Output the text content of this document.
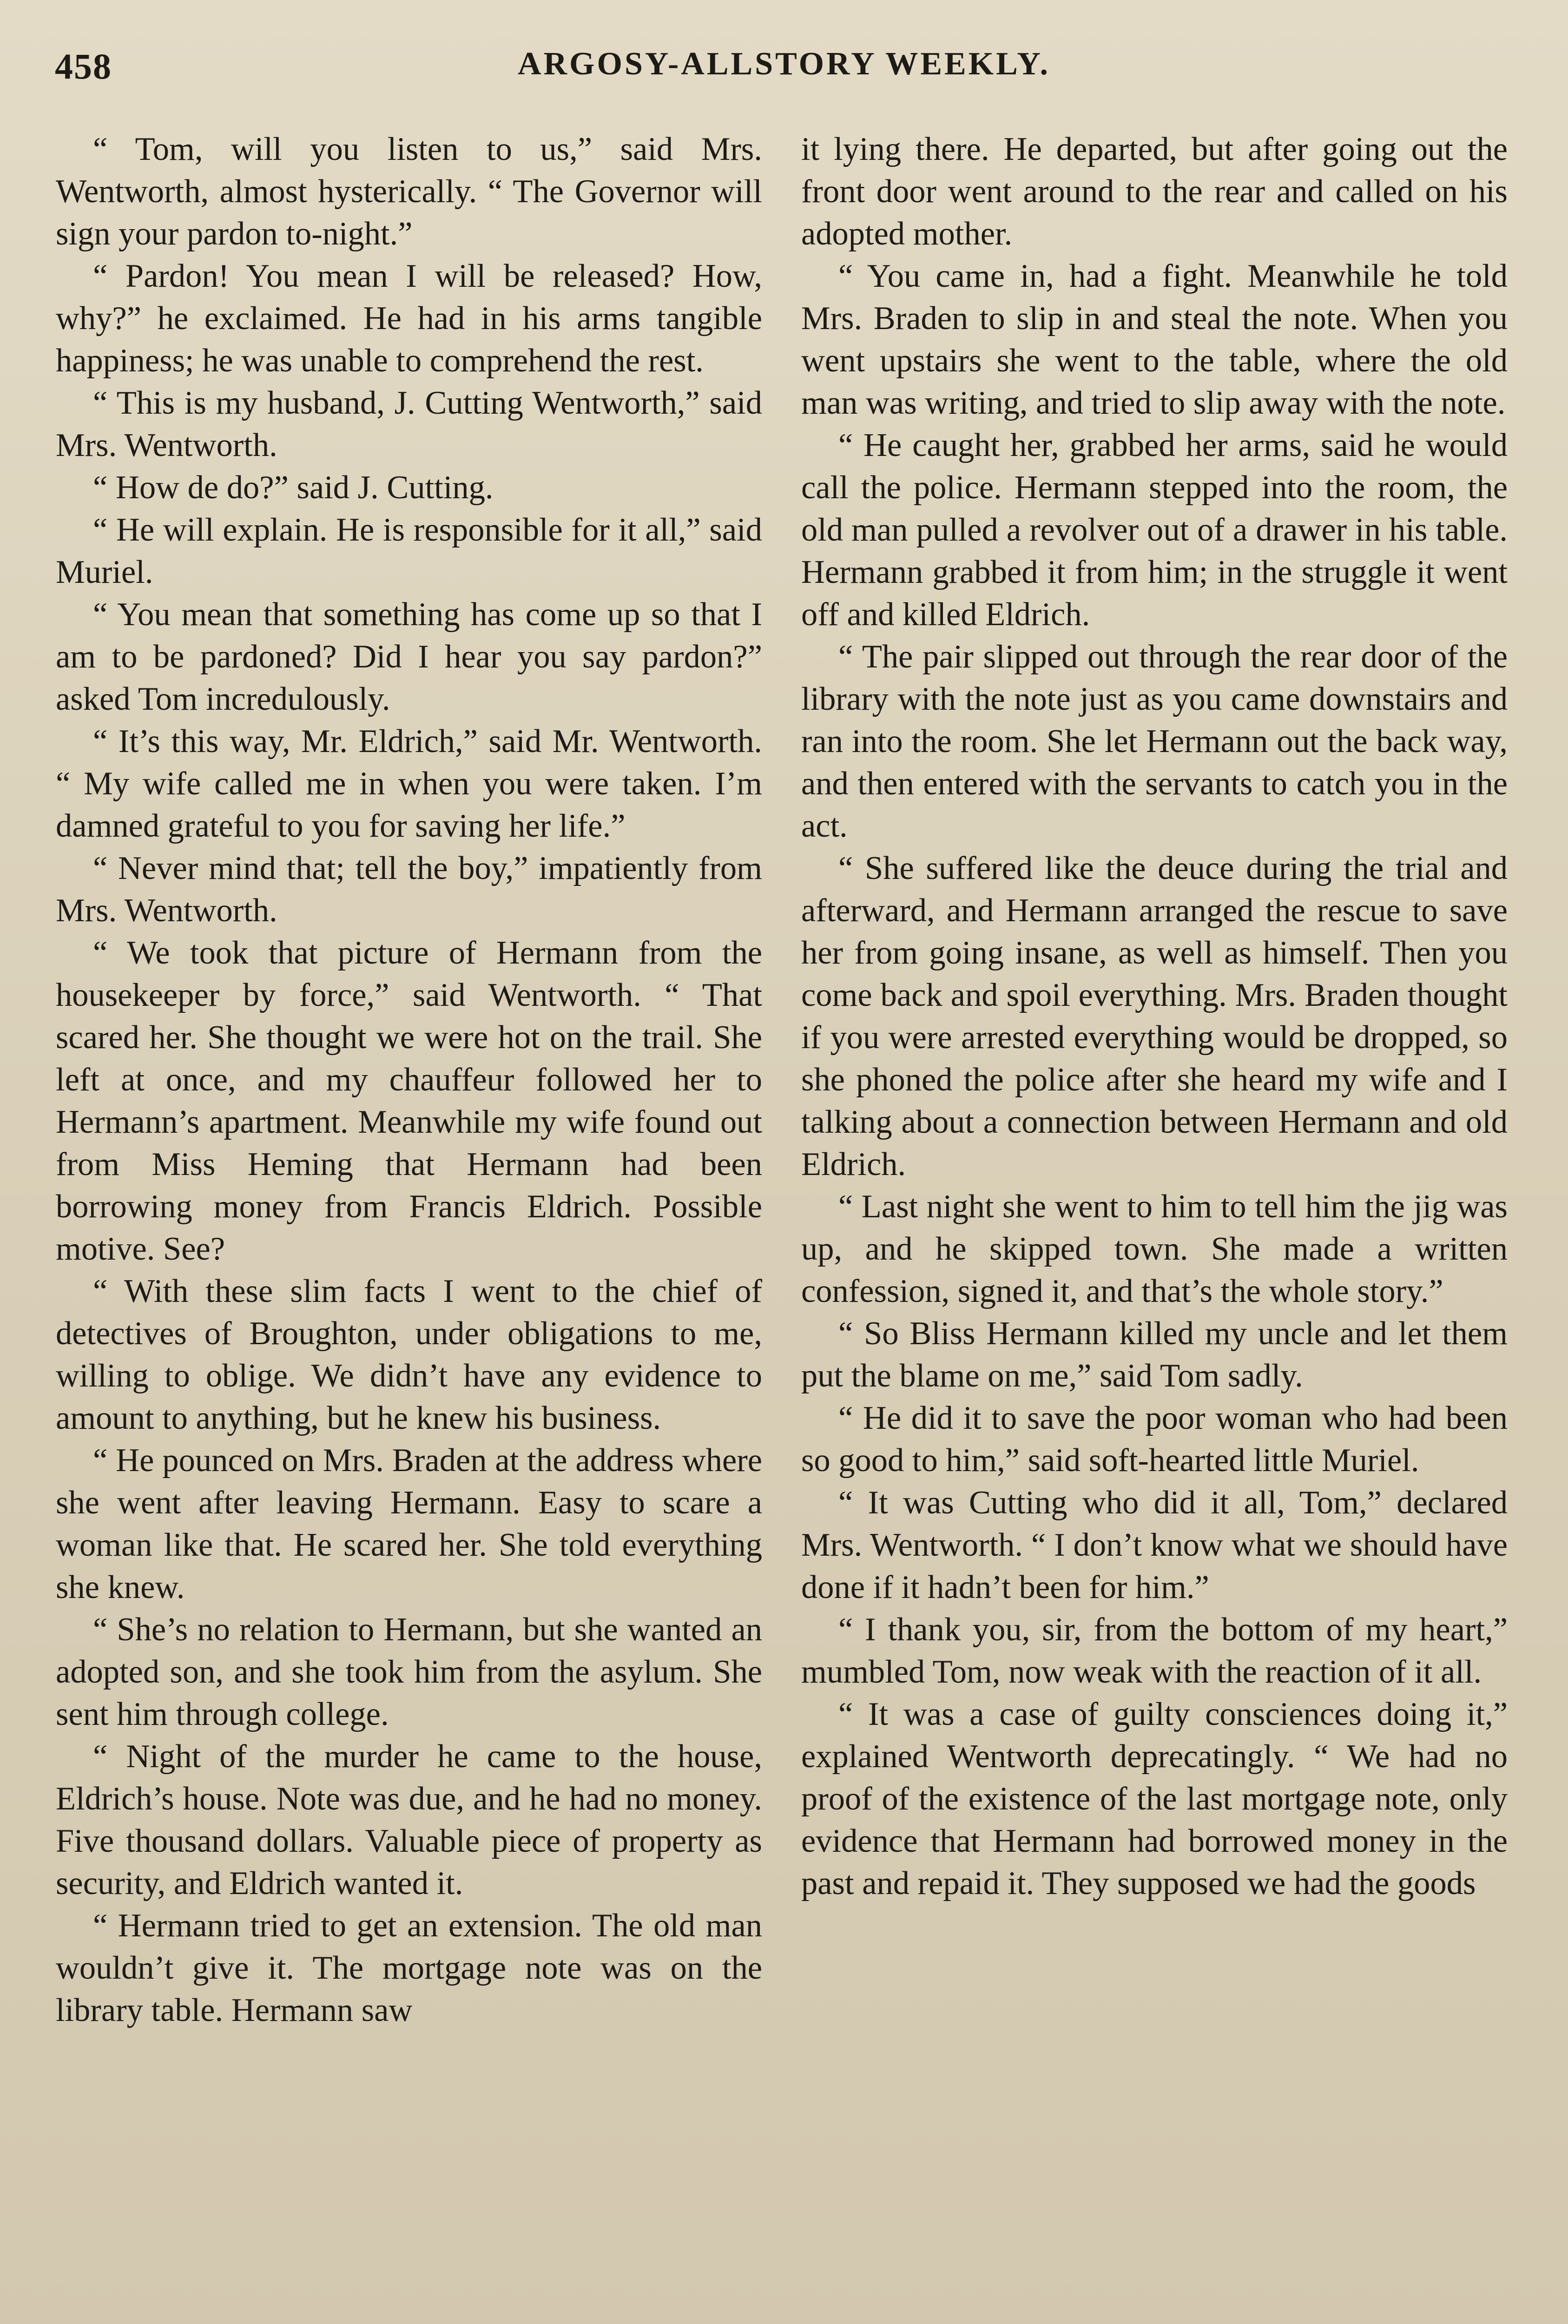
458	ARGOSY-ALLSTORY WEEKLY.

“ Tom, will you listen to us,” said Mrs. Wentworth, almost hysterically. “ The Governor will sign your pardon to-night.”

“ Pardon! You mean I will be released? How, why?” he exclaimed. He had in his arms tangible happiness; he was unable to comprehend the rest.

“ This is my husband, J. Cutting Wentworth,” said Mrs. Wentworth.

“ How de do?” said J. Cutting.

“ He will explain. He is responsible for it all,” said Muriel.

“ You mean that something has come up so that I am to be pardoned? Did I hear you say pardon?” asked Tom incredulously.

“ It’s this way, Mr. Eldrich,” said Mr. Wentworth. “ My wife called me in when you were taken. I’m damned grateful to you for saving her life.”

“ Never mind that; tell the boy,” impatiently from Mrs. Wentworth.

“ We took that picture of Hermann from the housekeeper by force,” said Wentworth. “ That scared her. She thought we were hot on the trail. She left at once, and my chauffeur followed her to Hermann’s apartment. Meanwhile my wife found out from Miss Heming that Hermann had been borrowing money from Francis Eldrich. Possible motive. See?

“ With these slim facts I went to the chief of detectives of Broughton, under obligations to me, willing to oblige. We didn’t have any evidence to amount to anything, but he knew his business.

“ He pounced on Mrs. Braden at the address where she went after leaving Hermann. Easy to scare a woman like that. He scared her. She told everything she knew.

“ She’s no relation to Hermann, but she wanted an adopted son, and she took him from the asylum. She sent him through college.

“ Night of the murder he came to the house, Eldrich’s house. Note was due, and he had no money. Five thousand dollars. Valuable piece of property as security, and Eldrich wanted it.

“ Hermann tried to get an extension. The old man wouldn’t give it. The mortgage note was on the library table. Hermann saw

it lying there. He departed, but after going out the front door went around to the rear and called on his adopted mother.

“ You came in, had a fight. Meanwhile he told Mrs. Braden to slip in and steal the note. When you went upstairs she went to the table, where the old man was writing, and tried to slip away with the note.

“ He caught her, grabbed her arms, said he would call the police. Hermann stepped into the room, the old man pulled a revolver out of a drawer in his table. Hermann grabbed it from him; in the struggle it went off and killed Eldrich.

“ The pair slipped out through the rear door of the library with the note just as you came downstairs and ran into the room. She let Hermann out the back way, and then entered with the servants to catch you in the act.

“ She suffered like the deuce during the trial and afterward, and Hermann arranged the rescue to save her from going insane, as well as himself. Then you come back and spoil everything. Mrs. Braden thought if you were arrested everything would be dropped, so she phoned the police after she heard my wife and I talking about a connection between Hermann and old Eldrich.

“ Last night she went to him to tell him the jig was up, and he skipped town. She made a written confession, signed it, and that’s the whole story.”

“ So Bliss Hermann killed my uncle and let them put the blame on me,” said Tom sadly.

“ He did it to save the poor woman who had been so good to him,” said soft-hearted little Muriel.

“ It was Cutting who did it all, Tom,” declared Mrs. Wentworth. “ I don’t know what we should have done if it hadn’t been for him.”

“ I thank you, sir, from the bottom of my heart,” mumbled Tom, now weak with the reaction of it all.

“ It was a case of guilty consciences doing it,” explained Wentworth deprecatingly. “ We had no proof of the existence of the last mortgage note, only evidence that Hermann had borrowed money in the past and repaid it. They supposed we had the goods
